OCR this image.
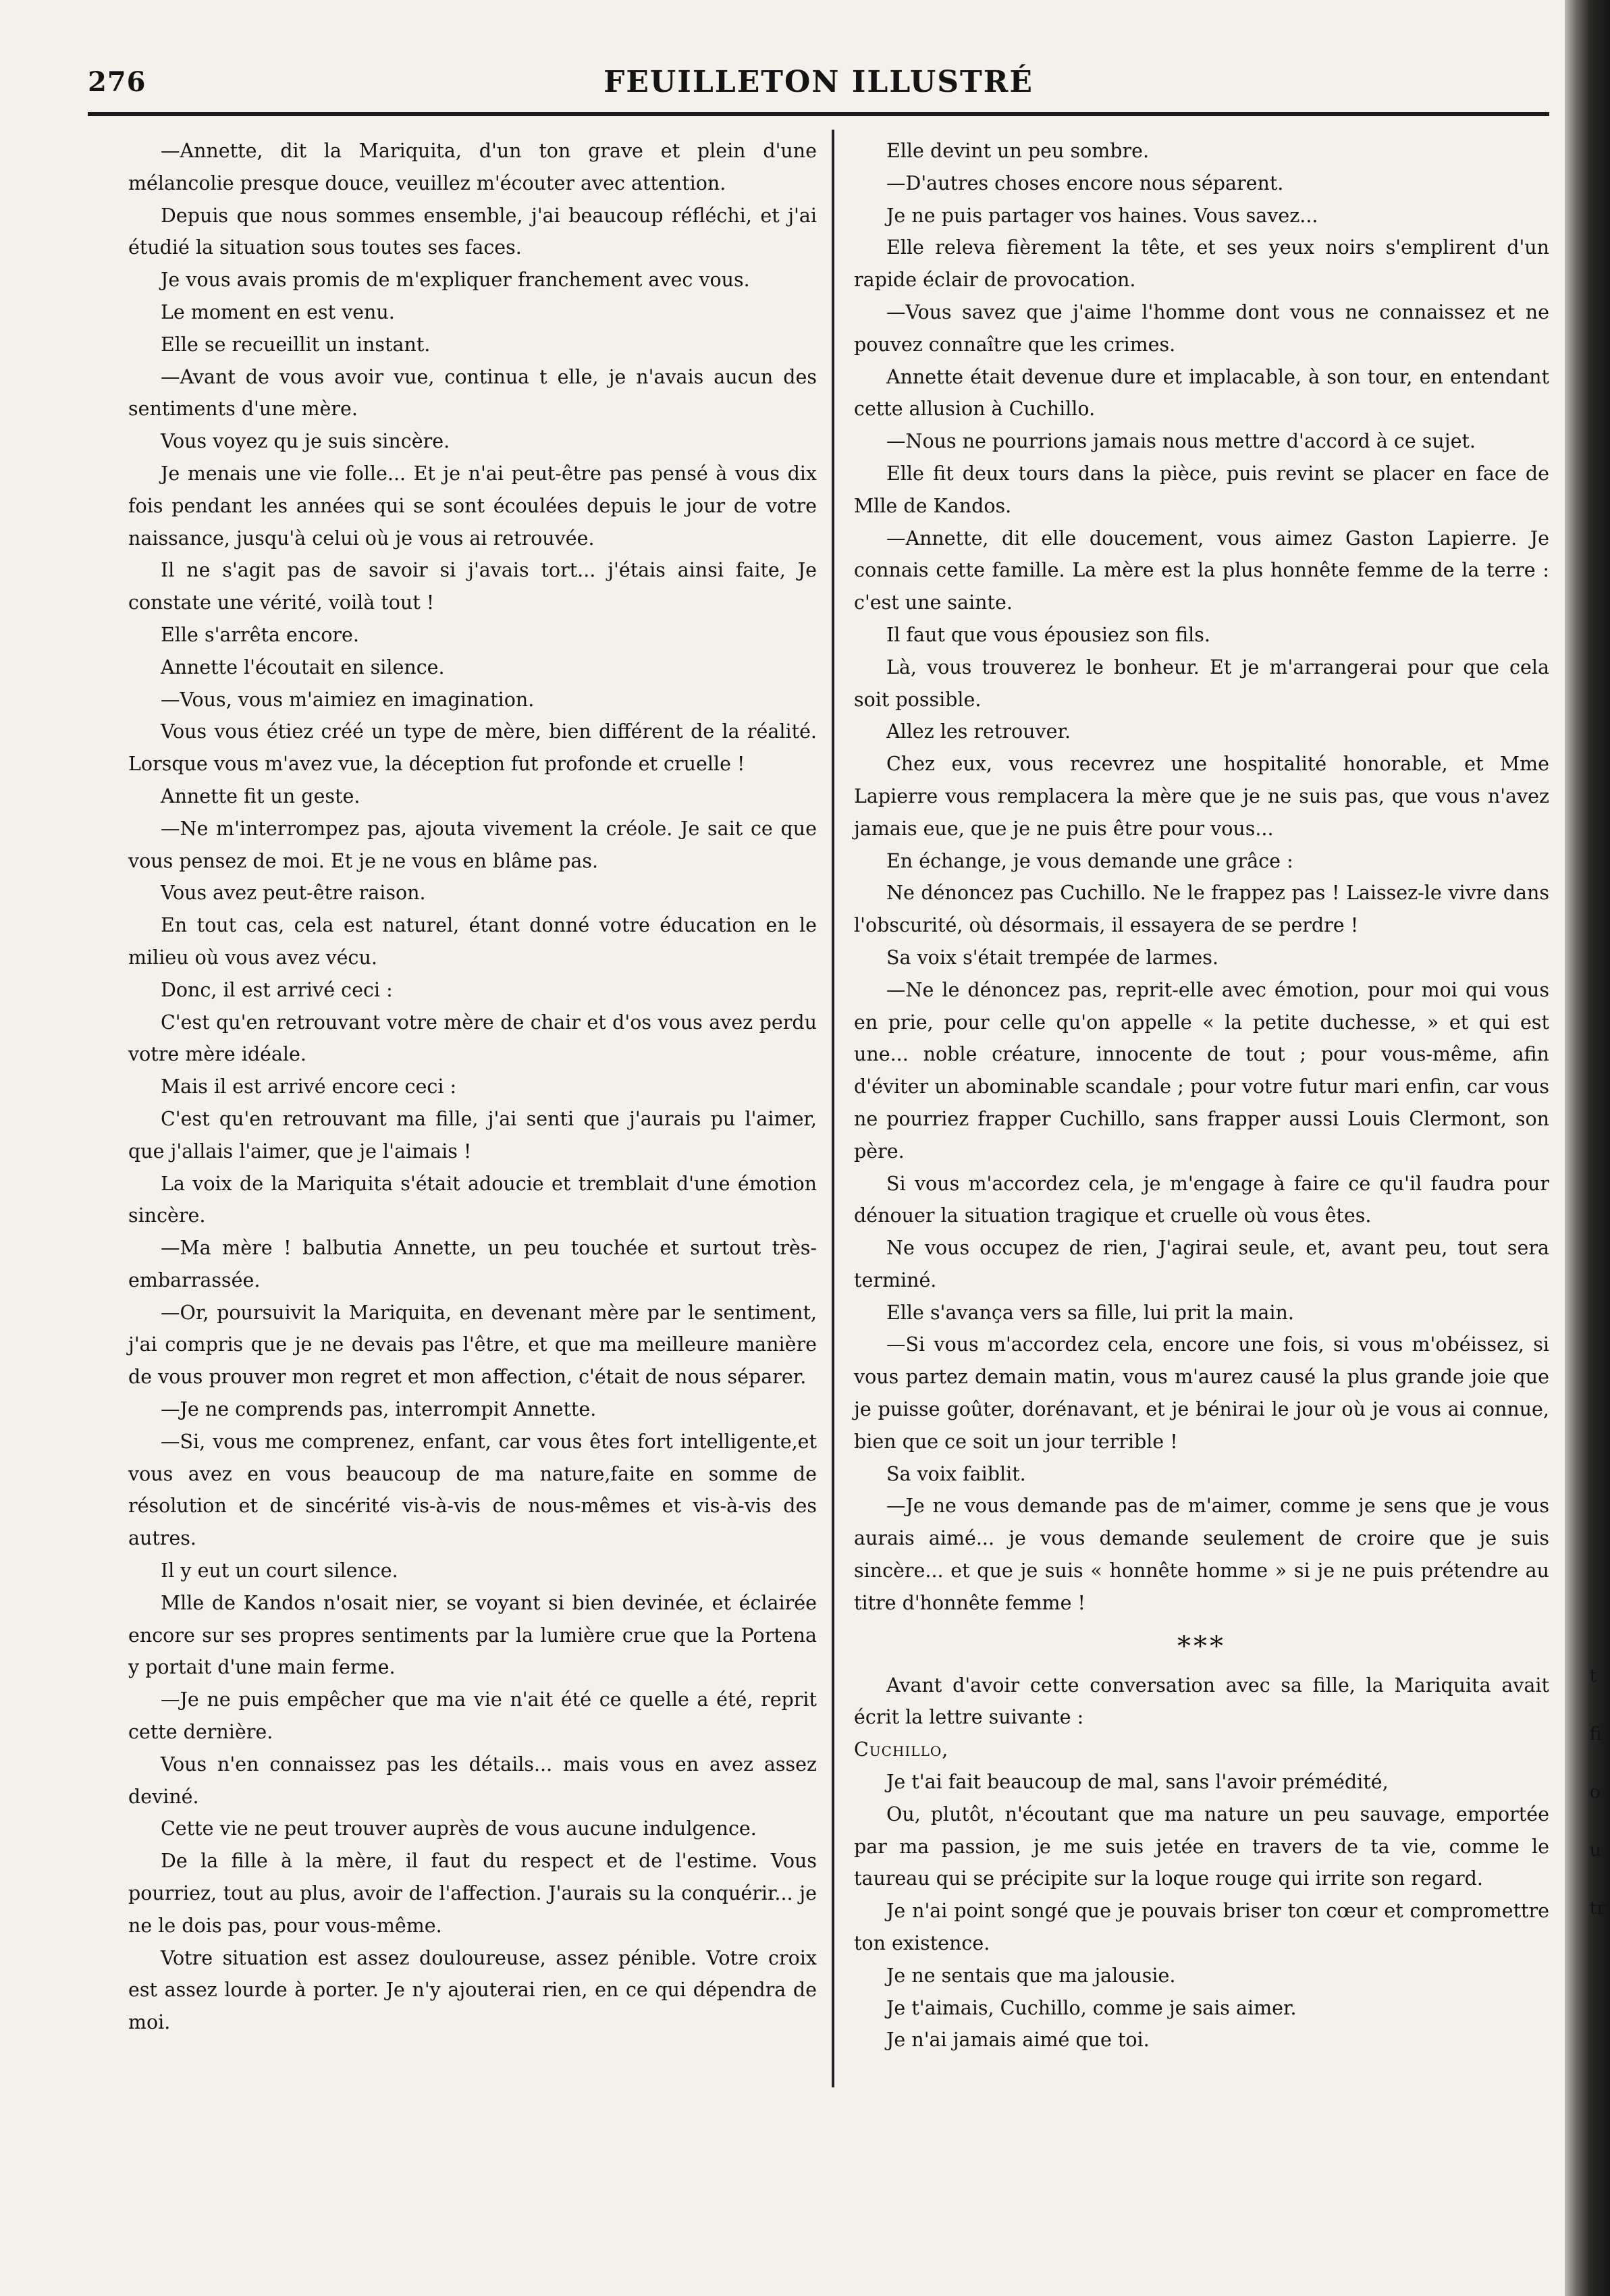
276	FEUILLETON ILLUSTRÉ

—Annette, dit la Mariquita, d'un ton grave et plein d'une mélancolie presque douce, veuillez m'écouter avec attention.

Depuis que nous sommes ensemble, j'ai beaucoup réfléchi, et j'ai étudié la situation sous toutes ses faces.

Je vous avais promis de m'expliquer franchement avec vous.

Le moment en est venu.

Elle se recueillit un instant.

—Avant de vous avoir vue, continua t elle, je n'avais aucun des sentiments d'une mère.

Vous voyez qu je suis sincère.

Je menais une vie folle... Et je n'ai peut-être pas pensé à vous dix fois pendant les années qui se sont écoulées depuis le jour de votre naissance, jusqu'à celui où je vous ai retrouvée.

Il ne s'agit pas de savoir si j'avais tort... j'étais ainsi faite, Je constate une vérité, voilà tout !

Elle s'arrêta encore.

Annette l'écoutait en silence.

—Vous, vous m'aimiez en imagination.

Vous vous étiez créé un type de mère, bien différent de la réalité. Lorsque vous m'avez vue, la déception fut profonde et cruelle !

Annette fit un geste.

—Ne m'interrompez pas, ajouta vivement la créole. Je sait ce que vous pensez de moi. Et je ne vous en blâme pas.

Vous avez peut-être raison.

En tout cas, cela est naturel, étant donné votre éducation en le milieu où vous avez vécu.

Donc, il est arrivé ceci :

C'est qu'en retrouvant votre mère de chair et d'os vous avez perdu votre mère idéale.

Mais il est arrivé encore ceci :

C'est qu'en retrouvant ma fille, j'ai senti que j'aurais pu l'aimer, que j'allais l'aimer, que je l'aimais !

La voix de la Mariquita s'était adoucie et tremblait d'une émotion sincère.

—Ma mère ! balbutia Annette, un peu touchée et surtout très-embarrassée.

—Or, poursuivit la Mariquita, en devenant mère par le sentiment, j'ai compris que je ne devais pas l'être, et que ma meilleure manière de vous prouver mon regret et mon affection, c'était de nous séparer.

—Je ne comprends pas, interrompit Annette.

—Si, vous me comprenez, enfant, car vous êtes fort intelligente,et vous avez en vous beaucoup de ma nature,faite en somme de résolution et de sincérité vis-à-vis de nous-mêmes et vis-à-vis des autres.

Il y eut un court silence.

Mlle de Kandos n'osait nier, se voyant si bien devinée, et éclairée encore sur ses propres sentiments par la lumière crue que la Portena y portait d'une main ferme.

—Je ne puis empêcher que ma vie n'ait été ce quelle a été, reprit cette dernière.

Vous n'en connaissez pas les détails... mais vous en avez assez deviné.

Cette vie ne peut trouver auprès de vous aucune indulgence.

De la fille à la mère, il faut du respect et de l'estime. Vous pourriez, tout au plus, avoir de l'affection. J'aurais su la conquérir... je ne le dois pas, pour vous-même.

Votre situation est assez douloureuse, assez pénible. Votre croix est assez lourde à porter. Je n'y ajouterai rien, en ce qui dépendra de moi.

Elle devint un peu sombre.

—D'autres choses encore nous séparent.

Je ne puis partager vos haines. Vous savez...

Elle releva fièrement la tête, et ses yeux noirs s'emplirent d'un rapide éclair de provocation.

—Vous savez que j'aime l'homme dont vous ne connaissez et ne pouvez connaître que les crimes.

Annette était devenue dure et implacable, à son tour, en entendant cette allusion à Cuchillo.

—Nous ne pourrions jamais nous mettre d'accord à ce sujet.

Elle fit deux tours dans la pièce, puis revint se placer en face de Mlle de Kandos.

—Annette, dit elle doucement, vous aimez Gaston Lapierre. Je connais cette famille. La mère est la plus honnête femme de la terre : c'est une sainte.

Il faut que vous épousiez son fils.

Là, vous trouverez le bonheur. Et je m'arrangerai pour que cela soit possible.

Allez les retrouver.

Chez eux, vous recevrez une hospitalité honorable, et Mme Lapierre vous remplacera la mère que je ne suis pas, que vous n'avez jamais eue, que je ne puis être pour vous...

En échange, je vous demande une grâce :

Ne dénoncez pas Cuchillo. Ne le frappez pas ! Laissez-le vivre dans l'obscurité, où désormais, il essayera de se perdre !

Sa voix s'était trempée de larmes.

—Ne le dénoncez pas, reprit-elle avec émotion, pour moi qui vous en prie, pour celle qu'on appelle « la petite duchesse, » et qui est une... noble créature, innocente de tout ; pour vous-même, afin d'éviter un abominable scandale ; pour votre futur mari enfin, car vous ne pourriez frapper Cuchillo, sans frapper aussi Louis Clermont, son père.

Si vous m'accordez cela, je m'engage à faire ce qu'il faudra pour dénouer la situation tragique et cruelle où vous êtes.

Ne vous occupez de rien, J'agirai seule, et, avant peu, tout sera terminé.

Elle s'avança vers sa fille, lui prit la main.

—Si vous m'accordez cela, encore une fois, si vous m'obéissez, si vous partez demain matin, vous m'aurez causé la plus grande joie que je puisse goûter, dorénavant, et je bénirai le jour où je vous ai connue, bien que ce soit un jour terrible !

Sa voix faiblit.

—Je ne vous demande pas de m'aimer, comme je sens que je vous aurais aimé... je vous demande seulement de croire que je suis sincère... et que je suis « honnête homme » si je ne puis prétendre au titre d'honnête femme !

***

Avant d'avoir cette conversation avec sa fille, la Mariquita avait écrit la lettre suivante :

Cuchillo,

Je t'ai fait beaucoup de mal, sans l'avoir prémédité,

Ou, plutôt, n'écoutant que ma nature un peu sauvage, emportée par ma passion, je me suis jetée en travers de ta vie, comme le taureau qui se précipite sur la loque rouge qui irrite son regard.

Je n'ai point songé que je pouvais briser ton cœur et compromettre ton existence.

Je ne sentais que ma jalousie.

Je t'aimais, Cuchillo, comme je sais aimer.

Je n'ai jamais aimé que toi.

t
fi
o
u
tr
